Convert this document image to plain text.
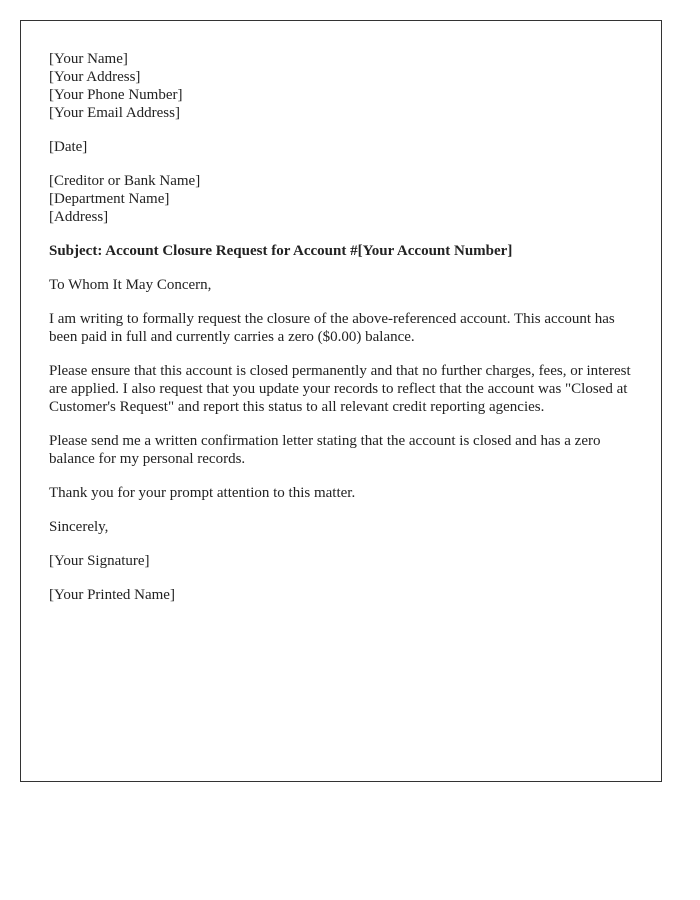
[Your Name]
[Your Address]
[Your Phone Number]
[Your Email Address]

[Date]

[Creditor or Bank Name]
[Department Name]
[Address]

Subject: Account Closure Request for Account #[Your Account Number]

To Whom It May Concern,

I am writing to formally request the closure of the above-referenced account. This account has been paid in full and currently carries a zero ($0.00) balance.

Please ensure that this account is closed permanently and that no further charges, fees, or interest are applied. I also request that you update your records to reflect that the account was "Closed at Customer's Request" and report this status to all relevant credit reporting agencies.

Please send me a written confirmation letter stating that the account is closed and has a zero balance for my personal records.

Thank you for your prompt attention to this matter.

Sincerely,

[Your Signature]

[Your Printed Name]
